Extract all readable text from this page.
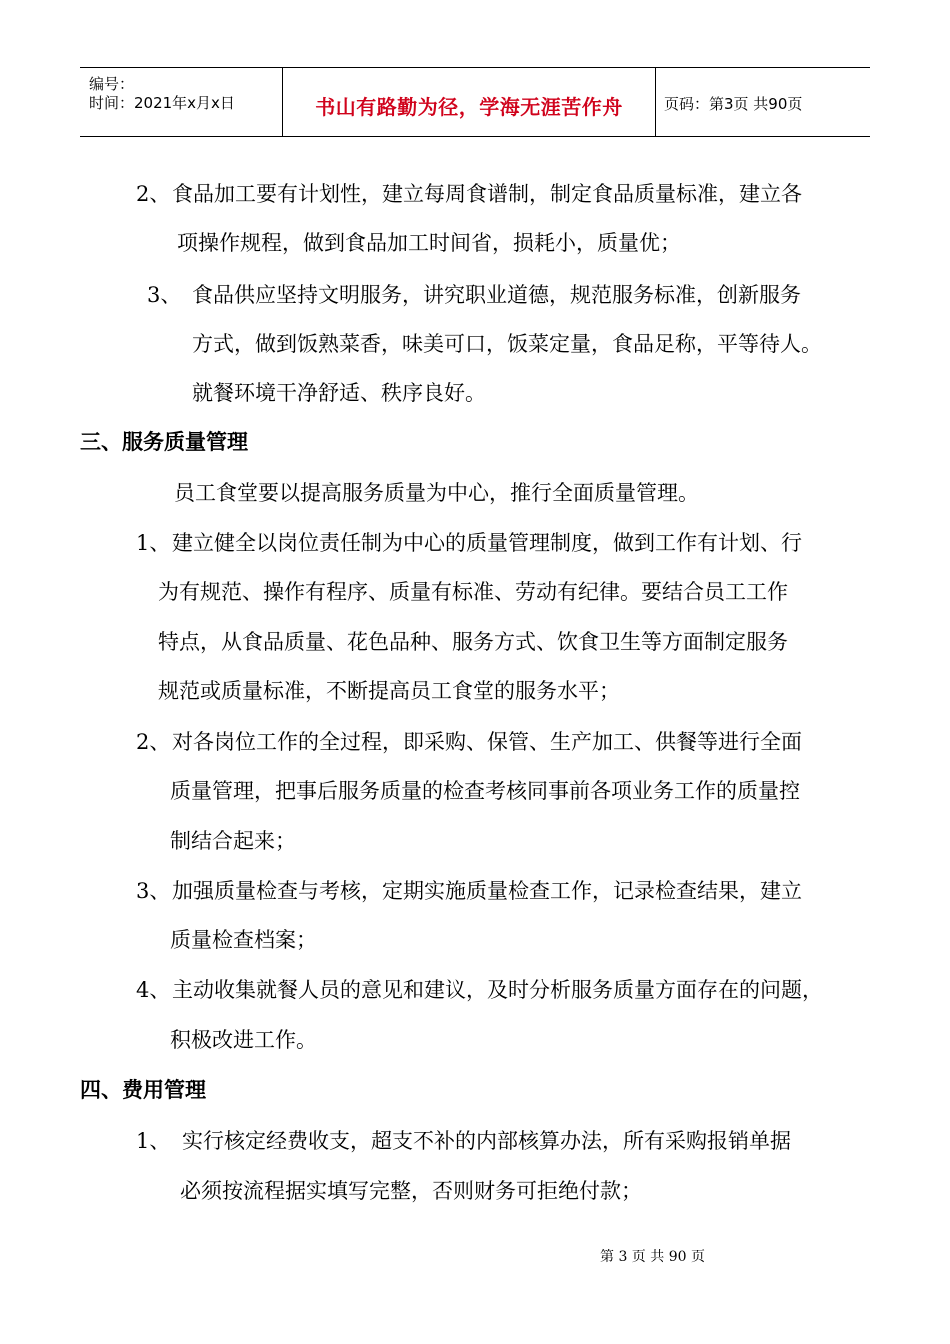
编号：
时间：2021年x月x日	书山有路勤为径，学海无涯苦作舟	页码：第3页 共90页
2、食品加工要有计划性，建立每周食谱制，制定食品质量标准，建立各
项操作规程，做到食品加工时间省，损耗小，质量优；
3、 食品供应坚持文明服务，讲究职业道德，规范服务标准，创新服务
方式，做到饭熟菜香，味美可口，饭菜定量，食品足称，平等待人。
就餐环境干净舒适、秩序良好。
三、服务质量管理
员工食堂要以提高服务质量为中心，推行全面质量管理。
1、建立健全以岗位责任制为中心的质量管理制度，做到工作有计划、行
为有规范、操作有程序、质量有标准、劳动有纪律。要结合员工工作
特点，从食品质量、花色品种、服务方式、饮食卫生等方面制定服务
规范或质量标准，不断提高员工食堂的服务水平；
2、对各岗位工作的全过程，即采购、保管、生产加工、供餐等进行全面
质量管理，把事后服务质量的检查考核同事前各项业务工作的质量控
制结合起来；
3、加强质量检查与考核，定期实施质量检查工作，记录检查结果，建立
质量检查档案；
4、主动收集就餐人员的意见和建议，及时分析服务质量方面存在的问题，
积极改进工作。
四、费用管理
1、 实行核定经费收支，超支不补的内部核算办法，所有采购报销单据
必须按流程据实填写完整，否则财务可拒绝付款；
第 3 页 共 90 页
